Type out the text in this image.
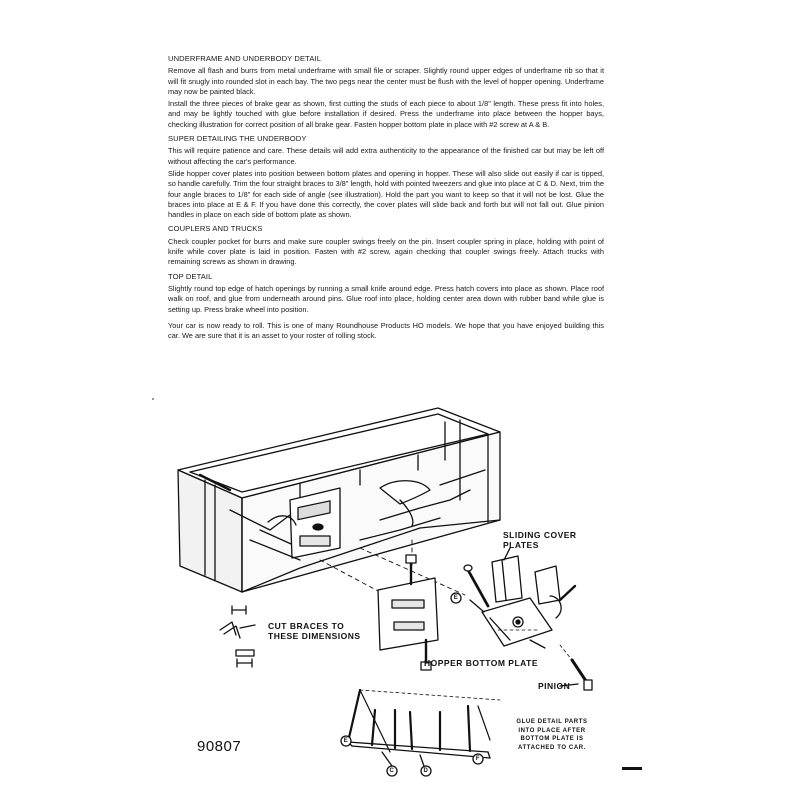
UNDERFRAME AND UNDERBODY DETAIL

Remove all flash and burrs from metal underframe with small file or scraper. Slightly round upper edges of underframe rib so that it will fit snugly into rounded slot in each bay. The two pegs near the center must be flush with the level of hopper opening. Underframe may now be painted black.

Install the three pieces of brake gear as shown, first cutting the studs of each piece to about 1/8" length. These press fit into holes, and may be lightly touched with glue before installation if desired. Press the underframe into place between the hopper bays, checking illustration for correct position of all brake gear. Fasten hopper bottom plate in place with #2 screw at A & B.

SUPER DETAILING THE UNDERBODY

This will require patience and care. These details will add extra authenticity to the appearance of the finished car but may be left off without affecting the car's performance.

Slide hopper cover plates into position between bottom plates and opening in hopper. These will also slide out easily if car is tipped, so handle carefully. Trim the four straight braces to 3/8" length, hold with pointed tweezers and glue into place at C & D. Next, trim the four angle braces to 1/8" for each side of angle (see illustration). Hold the part you want to keep so that it will not be lost. Glue the braces into place at E & F. If you have done this correctly, the cover plates will slide back and forth but will not fall out. Glue pinion handles in place on each side of bottom plate as shown.

COUPLERS AND TRUCKS

Check coupler pocket for burrs and make sure coupler swings freely on the pin. Insert coupler spring in place, holding with point of knife while cover plate is laid in position. Fasten with #2 screw, again checking that coupler swings freely. Attach trucks with remaining screws as shown in drawing.

TOP DETAIL

Slightly round top edge of hatch openings by running a small knife around edge. Press hatch covers into place as shown. Place roof walk on roof, and glue from underneath around pins. Glue roof into place, holding center area down with rubber band while glue is setting up. Press brake wheel into position.

Your car is now ready to roll. This is one of many Roundhouse Products HO models. We hope that you have enjoyed building this car. We are sure that it is an asset to your roster of rolling stock.

E
E
C	D
F
SLIDING COVER PLATES
CUT BRACES TO THESE DIMENSIONS
HOPPER BOTTOM PLATE
PINION
GLUE DETAIL PARTS INTO PLACE AFTER BOTTOM PLATE IS ATTACHED TO CAR.
90807
